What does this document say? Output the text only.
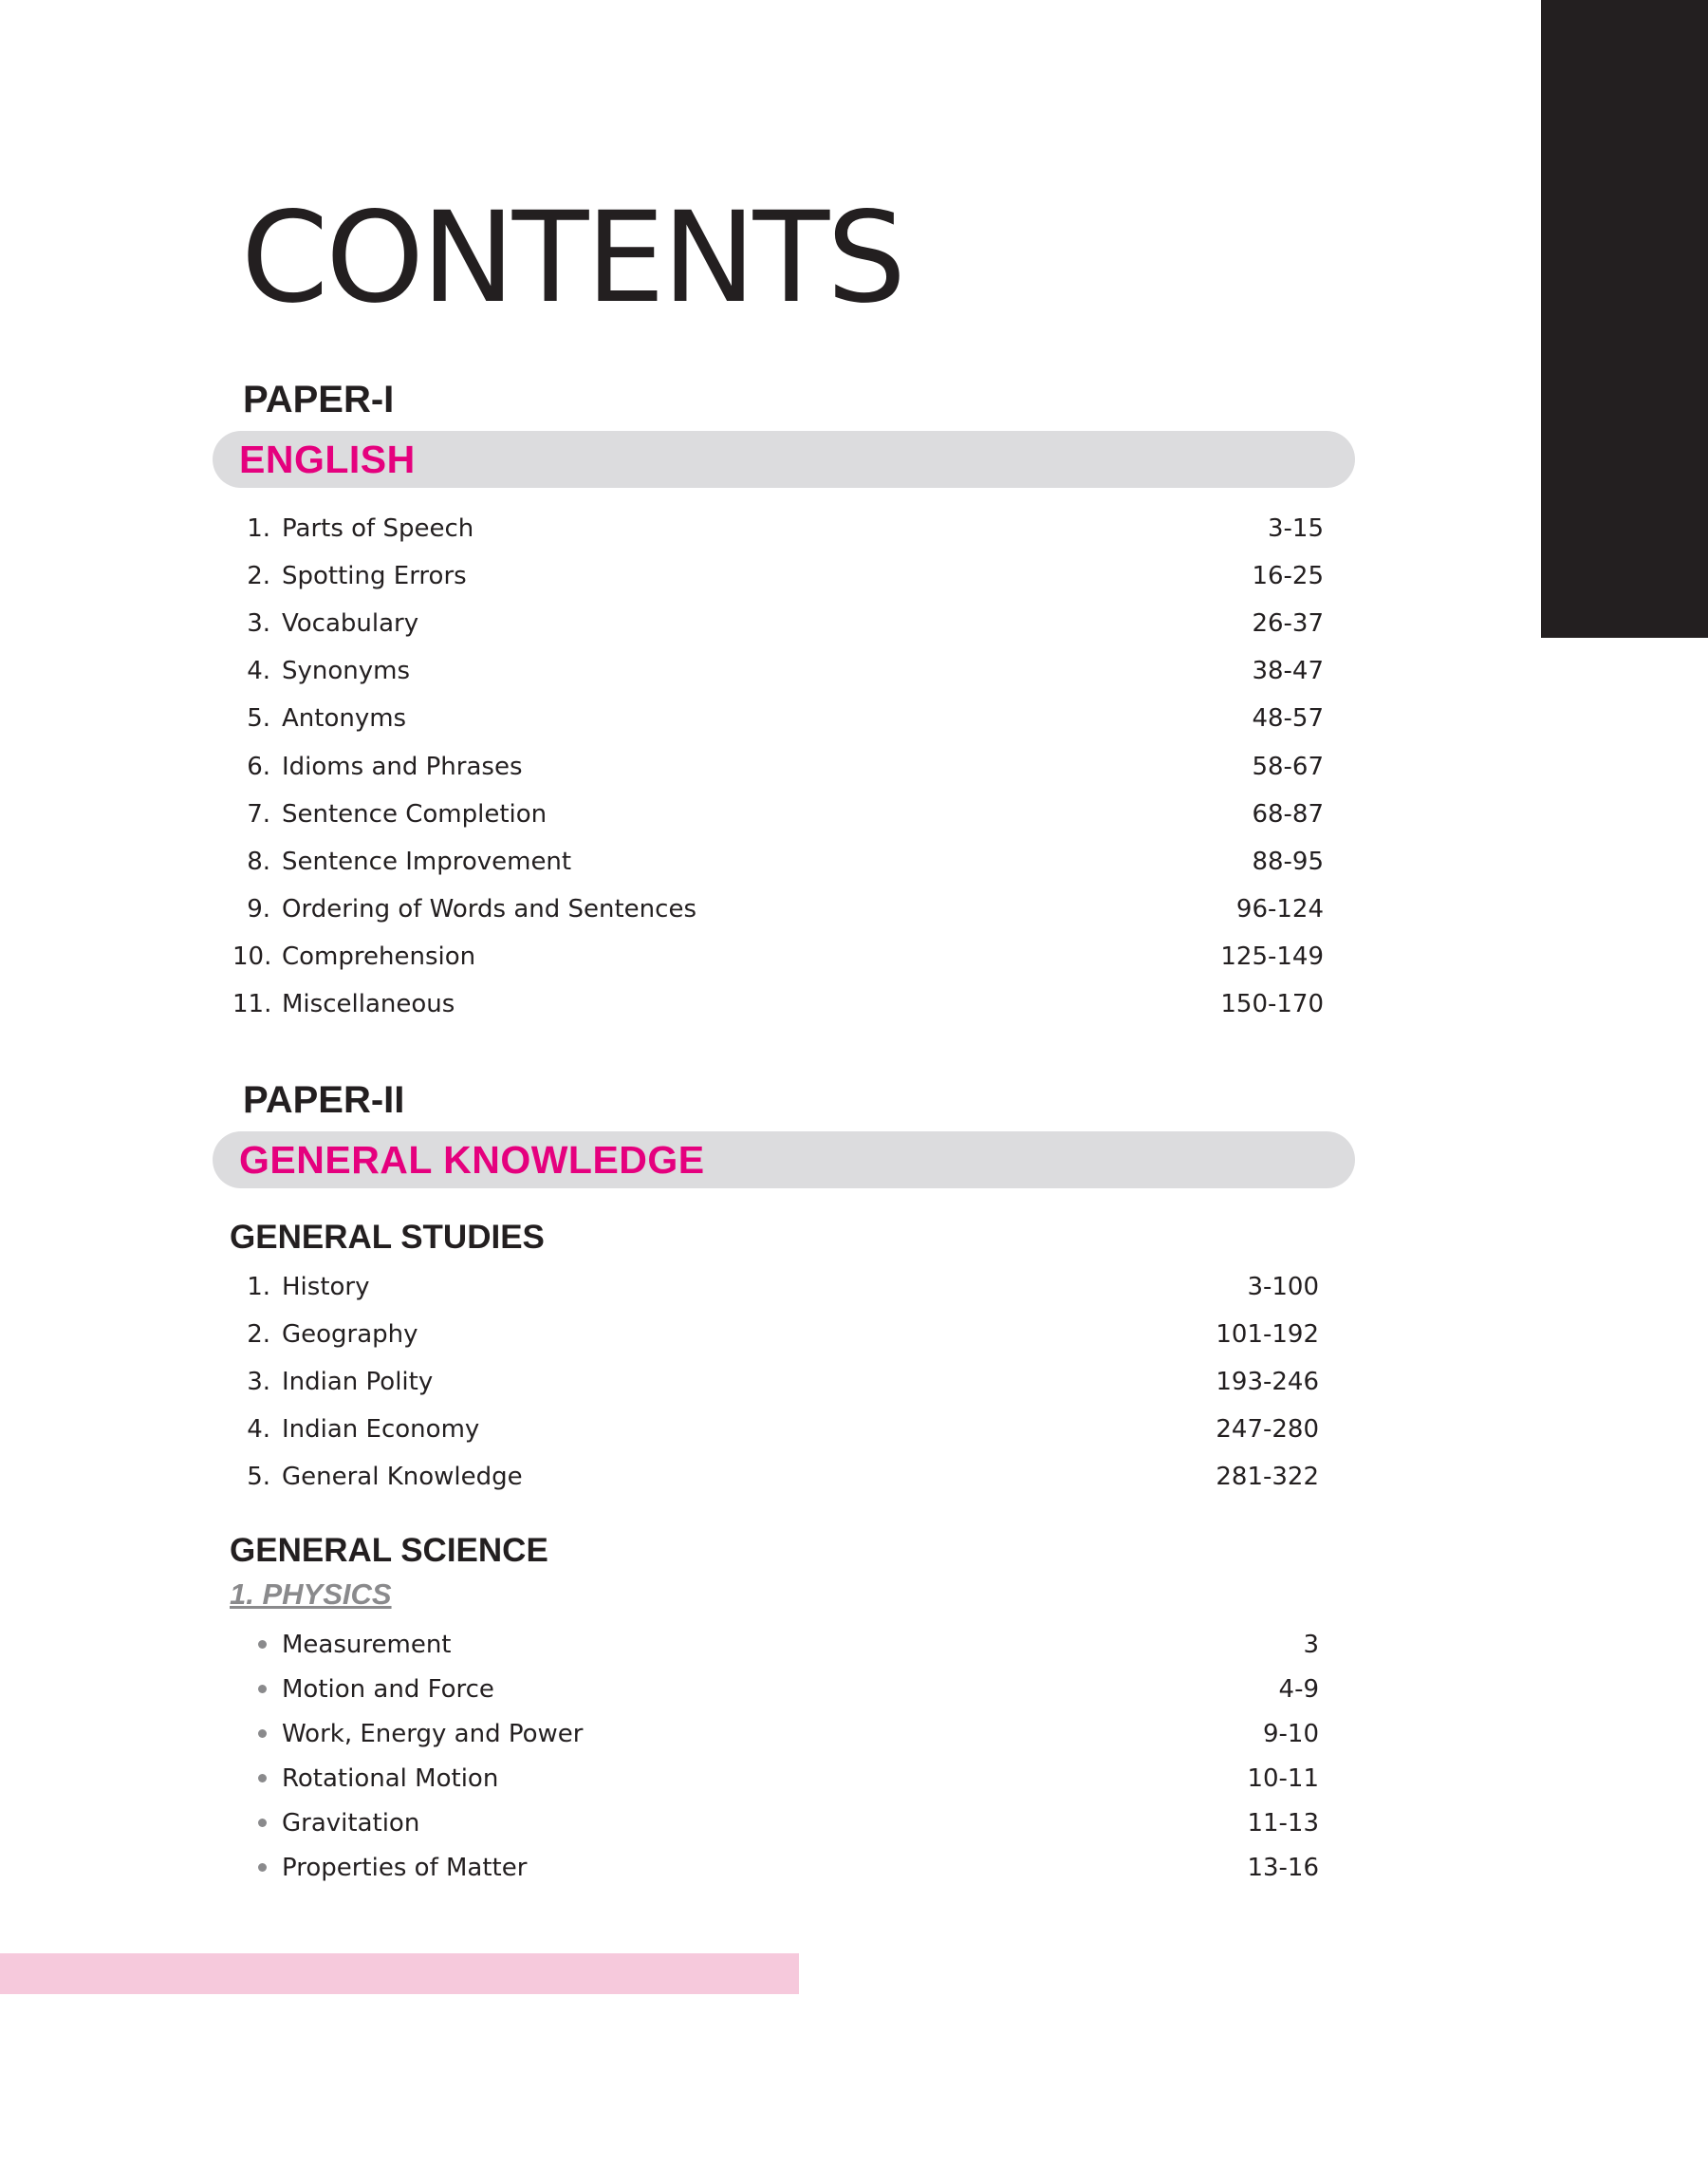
CONTENTS
PAPER-I
ENGLISH
PAPER-II
GENERAL KNOWLEDGE
GENERAL STUDIES
GENERAL SCIENCE
1. PHYSICS
1. Parts of Speech	3-15
2. Spotting Errors	16-25
3. Vocabulary	26-37
4. Synonyms	38-47
5. Antonyms	48-57
6. Idioms and Phrases	58-67
7. Sentence Completion	68-87
8. Sentence Improvement	88-95
9. Ordering of Words and Sentences	96-124
10. Comprehension	125-149
11. Miscellaneous	150-170
1. History	3-100
2. Geography	101-192
3. Indian Polity	193-246
4. Indian Economy	247-280
5. General Knowledge	281-322
Measurement	3
Motion and Force	4-9
Work, Energy and Power	9-10
Rotational Motion	10-11
Gravitation	11-13
Properties of Matter	13-16
